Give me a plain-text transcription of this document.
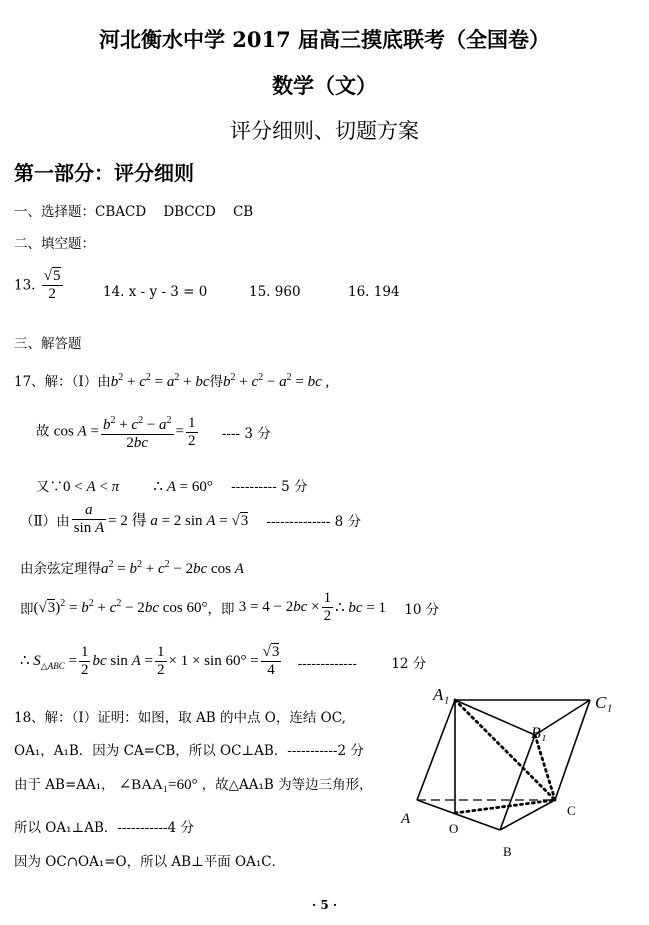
河北衡水中学 2017 届高三摸底联考（全国卷）
数学（文）
评分细则、切题方案
第一部分：评分细则
一、选择题：CBACD    DBCCD    CB
二、填空题：
13. $\frac{√5}{2}$	14. x - y - 3 = 0	15. 960	16. 194
三、解答题
17、解：（Ⅰ）由$b^2 + c^2 = a^2$ + bc得$b^2 + c^2 - a^2$ = bc ,
故 $\cos A = \frac{b^2 + c^2 - a^2}{2bc} = \frac{1}{2}$ ---- 3 分
又∵0 < A < π ∴ A = 60° ---------- 5 分
（Ⅱ）由 $\frac{a}{\text{sin A}} = 2$ 得 a = 2 sin A = √3 -------------- 8 分
由余弦定理得$a^2 = b^2 + c^2 - 2bc$ cos A
即$(√3)^2 = b^2 + c^2 - 2bc$ cos 60°，即 $3 = 4 - 2bc \times \frac{1}{2}$ ∴ bc = 1 10 分
∴ $S_{\triangle ABC} = \frac{1}{2}$ bc $\sin A = \frac{1}{2} \times 1 \times \sin 60^\circ = \frac{√3}{4}$ -------------        12 分
18、解：（Ⅰ）证明：如图，取 AB 的中点 O，连结 OC,
OA₁，A₁B．因为 CA=CB，所以 OC⊥AB．-----------2 分
由于 AB=AA₁， ∠BAA₁=60° ，故△AA₁B 为等边三角形，
所以 OA₁⊥AB．-----------4 分
因为 OC∩OA₁=O，所以 AB⊥平面 OA₁C．
A₁	C₁
B₁
A
C
O
B
· 5 ·
